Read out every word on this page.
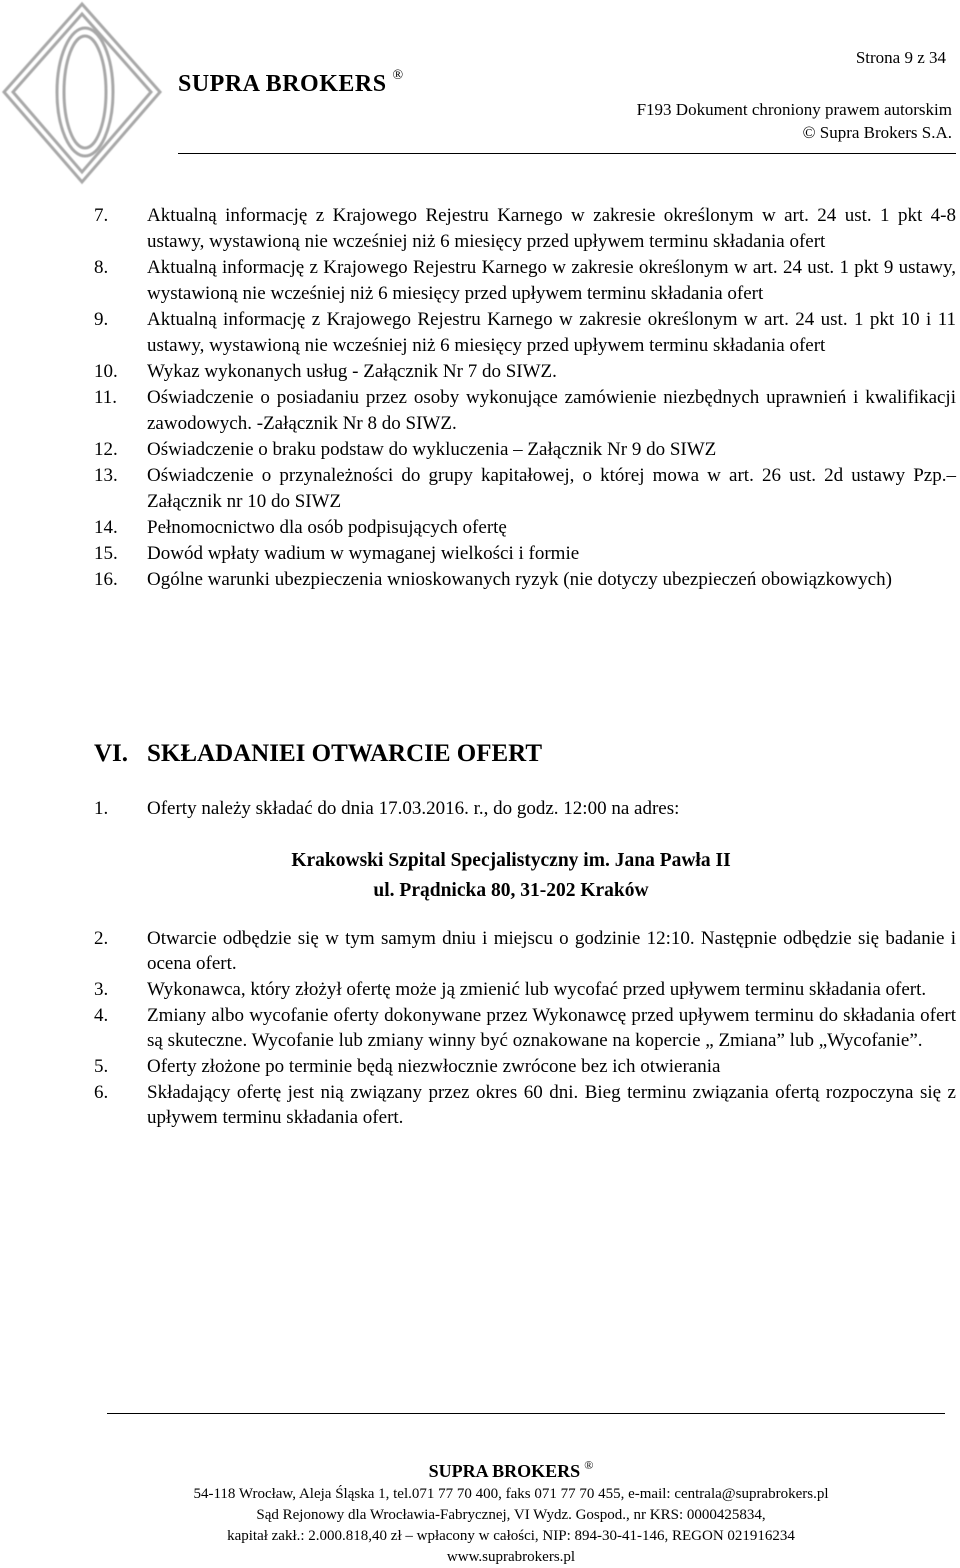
Strona 9 z 34
SUPRA BROKERS ®
F193 Dokument chroniony prawem autorskim
© Supra Brokers S.A.
7.	Aktualną informację z Krajowego Rejestru Karnego w zakresie określonym w art. 24 ust. 1 pkt 4-8 ustawy, wystawioną nie wcześniej niż 6 miesięcy przed upływem terminu składania ofert
8.	Aktualną informację z Krajowego Rejestru Karnego w zakresie określonym w art. 24 ust. 1 pkt 9 ustawy, wystawioną nie wcześniej niż 6 miesięcy przed upływem terminu składania ofert
9.	Aktualną informację z Krajowego Rejestru Karnego w zakresie określonym w art. 24 ust. 1 pkt 10 i 11 ustawy, wystawioną nie wcześniej niż 6 miesięcy przed upływem terminu składania ofert
10.	Wykaz wykonanych usług - Załącznik Nr 7 do SIWZ.
11.	Oświadczenie o posiadaniu przez osoby wykonujące zamówienie niezbędnych uprawnień i kwalifikacji zawodowych. -Załącznik Nr 8 do SIWZ.
12.	Oświadczenie o braku podstaw do wykluczenia – Załącznik Nr 9 do SIWZ
13.	Oświadczenie o przynależności do grupy kapitałowej, o której mowa w art. 26 ust. 2d ustawy Pzp.– Załącznik nr 10 do SIWZ
14.	Pełnomocnictwo dla osób podpisujących ofertę
15.	Dowód wpłaty wadium w wymaganej wielkości i formie
16.	Ogólne warunki ubezpieczenia wnioskowanych ryzyk (nie dotyczy ubezpieczeń obowiązkowych)
VI. SKŁADANIEI OTWARCIE OFERT
1.	Oferty należy składać do dnia 17.03.2016. r., do godz. 12:00 na adres:
Krakowski Szpital Specjalistyczny im. Jana Pawła II
ul. Prądnicka 80, 31-202 Kraków
2.	Otwarcie odbędzie się w tym samym dniu i miejscu o godzinie 12:10. Następnie odbędzie się badanie i ocena ofert.
3.	Wykonawca, który złożył ofertę może ją zmienić lub wycofać przed upływem terminu składania ofert.
4.	Zmiany albo wycofanie oferty dokonywane przez Wykonawcę przed upływem terminu do składania ofert są skuteczne. Wycofanie lub zmiany winny być oznakowane na kopercie „ Zmiana” lub „Wycofanie”.
5.	Oferty złożone po terminie będą niezwłocznie zwrócone bez ich otwierania
6.	Składający ofertę jest nią związany przez okres 60 dni. Bieg terminu związania ofertą rozpoczyna się z upływem terminu składania ofert.
SUPRA BROKERS ®
54-118 Wrocław, Aleja Śląska 1, tel.071 77 70 400, faks 071 77 70 455, e-mail: centrala@suprabrokers.pl
Sąd Rejonowy dla Wrocławia-Fabrycznej, VI Wydz. Gospod., nr KRS: 0000425834,
kapitał zakł.: 2.000.818,40 zł – wpłacony w całości, NIP: 894-30-41-146, REGON 021916234
www.suprabrokers.pl
